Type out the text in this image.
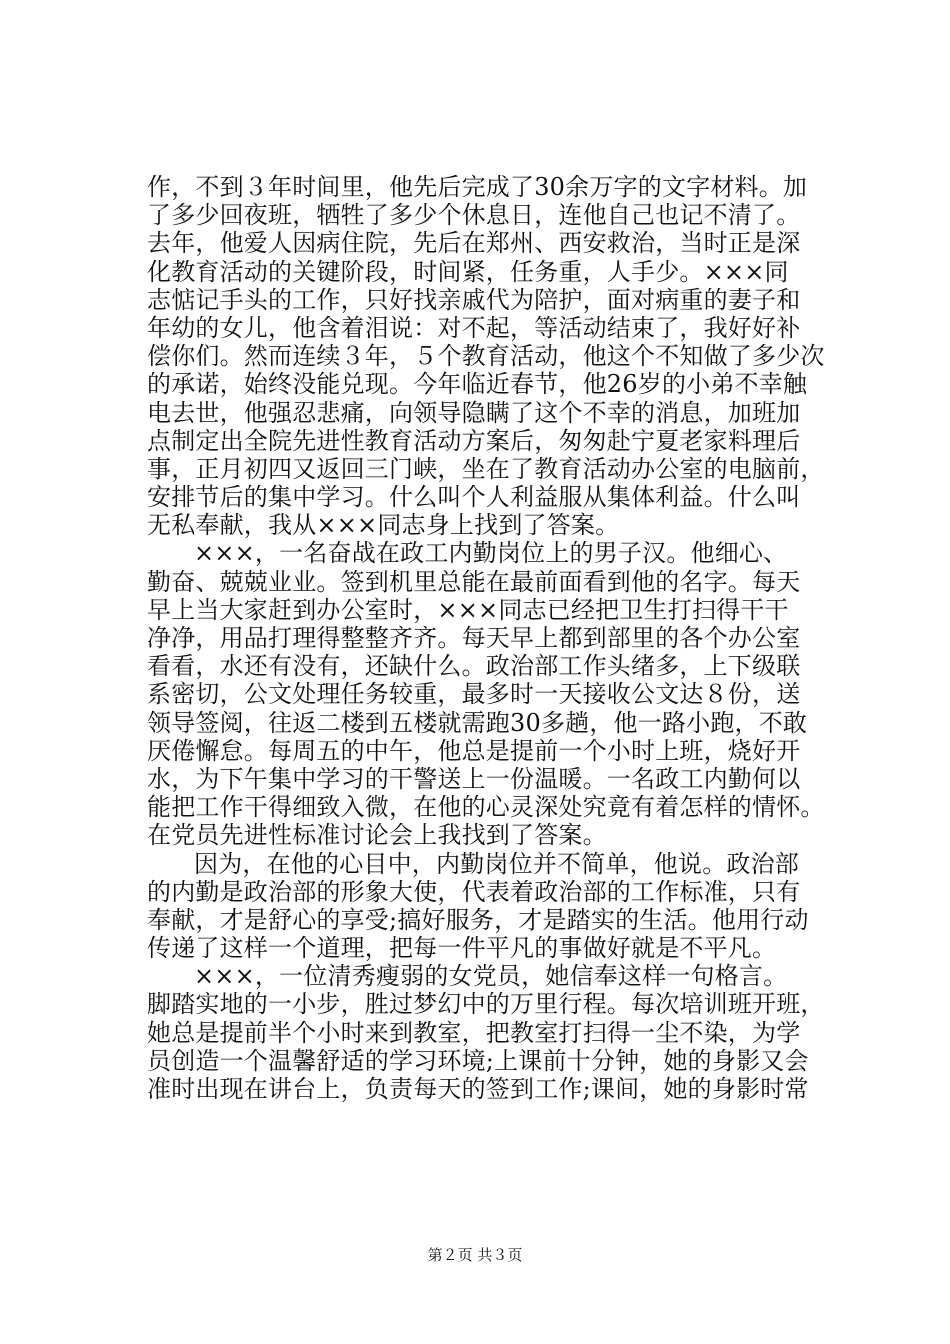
作，不到３年时间里，他先后完成了30余万字的文字材料。加
了多少回夜班，牺牲了多少个休息日，连他自己也记不清了。
去年，他爱人因病住院，先后在郑州、西安救治，当时正是深
化教育活动的关键阶段，时间紧，任务重，人手少。×××同
志惦记手头的工作，只好找亲戚代为陪护，面对病重的妻子和
年幼的女儿，他含着泪说：对不起，等活动结束了，我好好补
偿你们。然而连续３年，５个教育活动，他这个不知做了多少次
的承诺，始终没能兑现。今年临近春节，他26岁的小弟不幸触
电去世，他强忍悲痛，向领导隐瞒了这个不幸的消息，加班加
点制定出全院先进性教育活动方案后，匆匆赴宁夏老家料理后
事，正月初四又返回三门峡，坐在了教育活动办公室的电脑前，
安排节后的集中学习。什么叫个人利益服从集体利益。什么叫
无私奉献，我从×××同志身上找到了答案。
×××，一名奋战在政工内勤岗位上的男子汉。他细心、
勤奋、兢兢业业。签到机里总能在最前面看到他的名字。每天
早上当大家赶到办公室时，×××同志已经把卫生打扫得干干
净净，用品打理得整整齐齐。每天早上都到部里的各个办公室
看看，水还有没有，还缺什么。政治部工作头绪多，上下级联
系密切，公文处理任务较重，最多时一天接收公文达８份，送
领导签阅，往返二楼到五楼就需跑30多趟，他一路小跑，不敢
厌倦懈怠。每周五的中午，他总是提前一个小时上班，烧好开
水，为下午集中学习的干警送上一份温暖。一名政工内勤何以
能把工作干得细致入微，在他的心灵深处究竟有着怎样的情怀。
在党员先进性标准讨论会上我找到了答案。
因为，在他的心目中，内勤岗位并不简单，他说。政治部
的内勤是政治部的形象大使，代表着政治部的工作标准，只有
奉献，才是舒心的享受;搞好服务，才是踏实的生活。他用行动
传递了这样一个道理，把每一件平凡的事做好就是不平凡。
×××，一位清秀瘦弱的女党员，她信奉这样一句格言。
脚踏实地的一小步，胜过梦幻中的万里行程。每次培训班开班，
她总是提前半个小时来到教室，把教室打扫得一尘不染，为学
员创造一个温馨舒适的学习环境;上课前十分钟，她的身影又会
准时出现在讲台上，负责每天的签到工作;课间，她的身影时常
第２页 共３页
